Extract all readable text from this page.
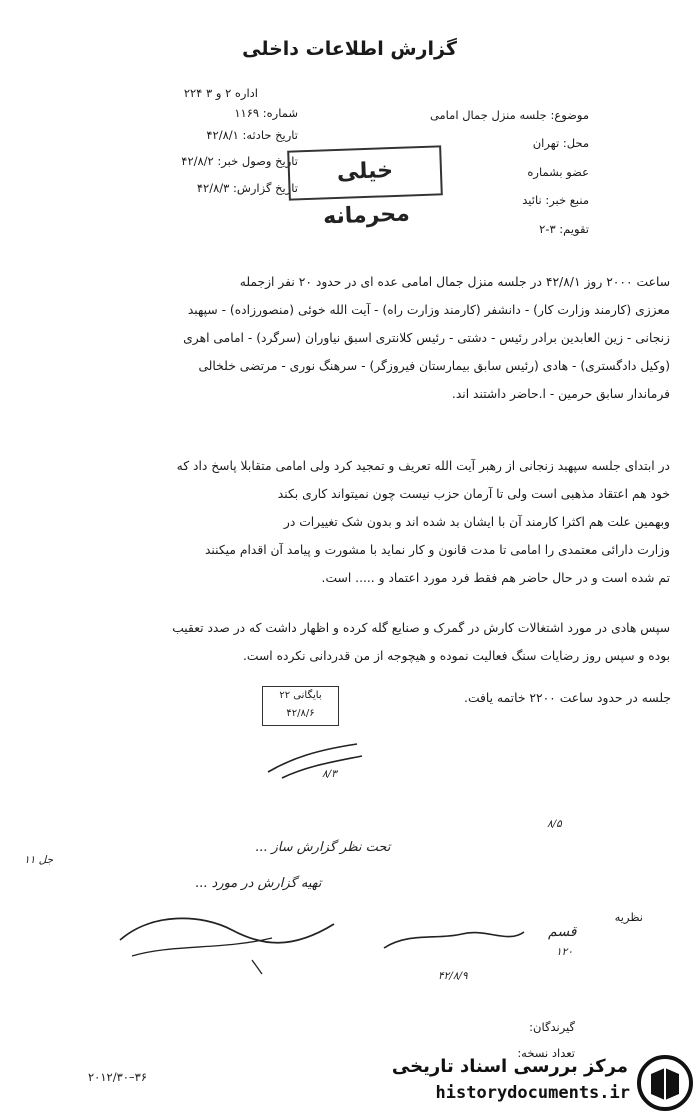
گزارش اطلاعات داخلی
موضوع: جلسه منزل جمال امامی
محل: تهران
عضو بشماره
منبع خبر: نائید
تقویم: ۳-۲
اداره ۲ و ۳ ۲۲۴
شماره: ۱۱۶۹
تاریخ حادثه: ۴۲/۸/۱
تاریخ وصول خبر: ۴۲/۸/۲
تاریخ گزارش: ۴۲/۸/۳
خیلی محرمانه
ساعت ۲۰۰۰ روز ۴۲/۸/۱ در جلسه منزل جمال امامی عده ای در حدود ۲۰ نفر ازجمله
معززی (کارمند وزارت کار) - دانشفر (کارمند وزارت راه) - آیت الله خوئی (منصورزاده) - سپهبد
زنجانی - زین العابدین برادر رئیس - دشتی - رئیس کلانتری اسبق نیاوران (سرگرد) - امامی اهری
(وکیل دادگستری) - هادی (رئیس سابق بیمارستان فیروزگر) - سرهنگ نوری - مرتضی خلخالی
فرماندار سابق حرمین - ا.حاضر داشتند اند.
در ابتدای جلسه سپهبد زنجانی از رهبر آیت الله تعریف و تمجید کرد ولی امامی متقابلا پاسخ داد که
خود هم اعتقاد مذهبی است ولی تا آرمان حزب نیست چون نمیتواند کاری بکند
وبهمین علت هم اکثرا کارمند آن با ایشان بد شده اند و بدون شک تغییرات در
وزارت دارائی معتمدی را امامی تا مدت قانون و کار نماید با مشورت و پیامد آن اقدام میکنند
تم شده است و در حال حاضر هم فقط فرد مورد اعتماد و ..... است.
سپس هادی در مورد اشتغالات کارش در گمرک و صنایع گله کرده و اظهار داشت که در صدد تعقیب
بوده و سپس روز رضایات سنگ فعالیت نموده و هیچوجه از من قدردانی نکرده است.
جلسه در حدود ساعت ۲۲۰۰ خاتمه یافت.
بایگانی ۲۲
۴۲/۸/۶
۸/۳
۸/۵
تحت نظر گزارش ساز ...
تهیه گزارش در مورد ...
جل ۱۱
نظریه
۴۲/۸/۹
قسم
۱۲۰
گیرندگان:
تعداد نسخه:
۲۰۱۲/۳۰–۳۶	مرکز بررسی اسناد تاریخی
historydocuments.ir
